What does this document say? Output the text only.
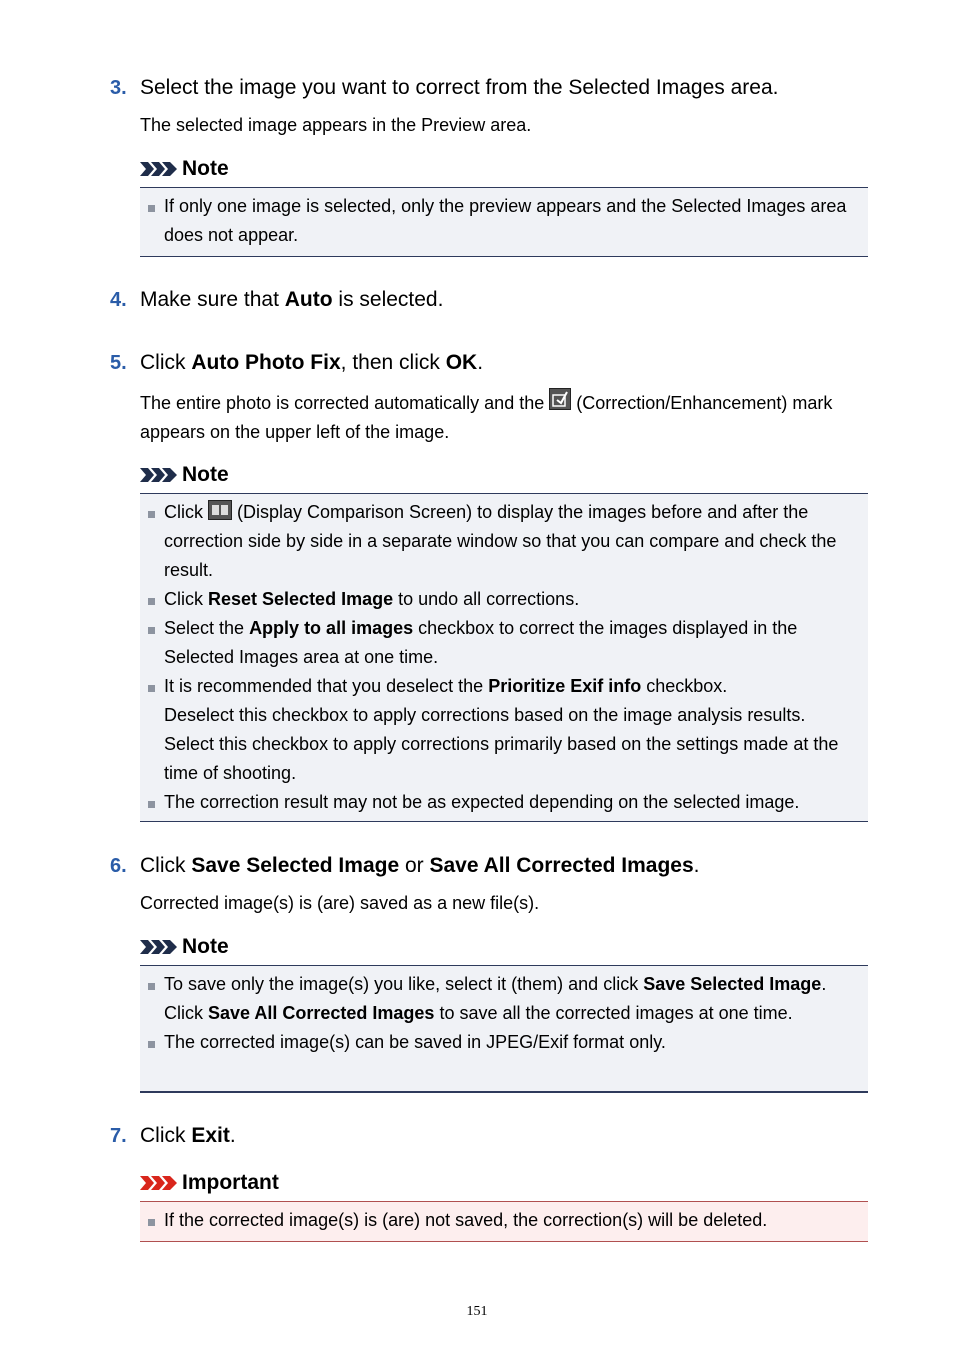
3. Select the image you want to correct from the Selected Images area.
The selected image appears in the Preview area.
Note
If only one image is selected, only the preview appears and the Selected Images area does not appear.
4. Make sure that Auto is selected.
5. Click Auto Photo Fix, then click OK.
The entire photo is corrected automatically and the
(Correction/Enhancement) mark appears on the upper left of the image.
Note
Click
(Display Comparison Screen) to display the images before and after the correction side by side in a separate window so that you can compare and check the result.
Click Reset Selected Image to undo all corrections.
Select the Apply to all images checkbox to correct the images displayed in the Selected Images area at one time.
It is recommended that you deselect the Prioritize Exif info checkbox.
Deselect this checkbox to apply corrections based on the image analysis results.
Select this checkbox to apply corrections primarily based on the settings made at the time of shooting.
The correction result may not be as expected depending on the selected image.
6. Click Save Selected Image or Save All Corrected Images.
Corrected image(s) is (are) saved as a new file(s).
Note
To save only the image(s) you like, select it (them) and click Save Selected Image. Click Save All Corrected Images to save all the corrected images at one time.
The corrected image(s) can be saved in JPEG/Exif format only.
7. Click Exit.
Important
If the corrected image(s) is (are) not saved, the correction(s) will be deleted.
151
